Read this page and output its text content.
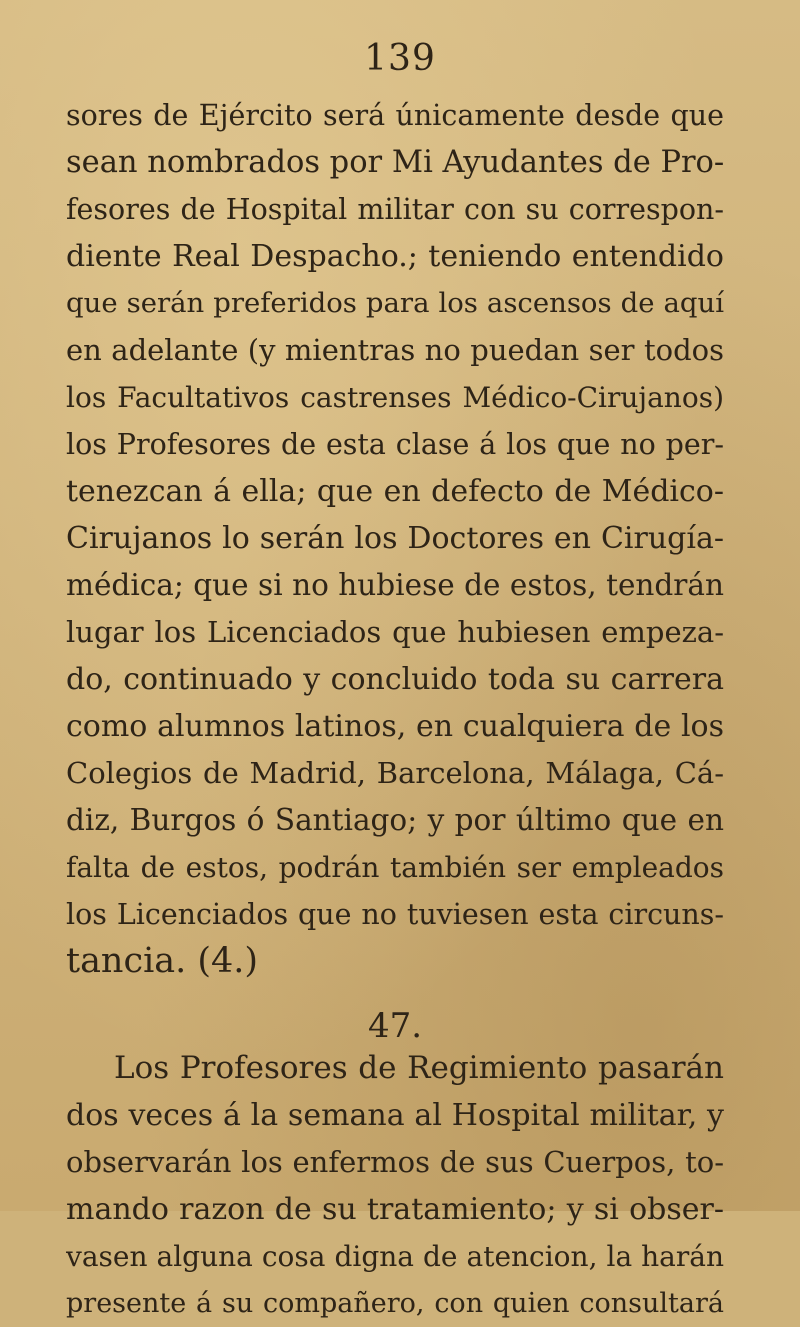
139
sores de Ejército será únicamente desde que
sean nombrados por Mi Ayudantes de Pro-
fesores de Hospital militar con su correspon-
diente Real Despacho.; teniendo entendido
que serán preferidos para los ascensos de aquí
en adelante (y mientras no puedan ser todos
los Facultativos castrenses Médico-Cirujanos)
los Profesores de esta clase á los que no per-
tenezcan á ella; que en defecto de Médico-
Cirujanos lo serán los Doctores en Cirugía-
médica; que si no hubiese de estos, tendrán
lugar los Licenciados que hubiesen empeza-
do, continuado y concluido toda su carrera
como alumnos latinos, en cualquiera de los
Colegios de Madrid, Barcelona, Málaga, Cá-
diz, Burgos ó Santiago; y por último que en
falta de estos, podrán también ser empleados
los Licenciados que no tuviesen esta circuns-
tancia. (4.)
47.
Los Profesores de Regimiento pasarán
dos veces á la semana al Hospital militar, y
observarán los enfermos de sus Cuerpos, to-
mando razon de su tratamiento; y si obser-
vasen alguna cosa digna de atencion, la harán
presente á su compañero, con quien consultará
